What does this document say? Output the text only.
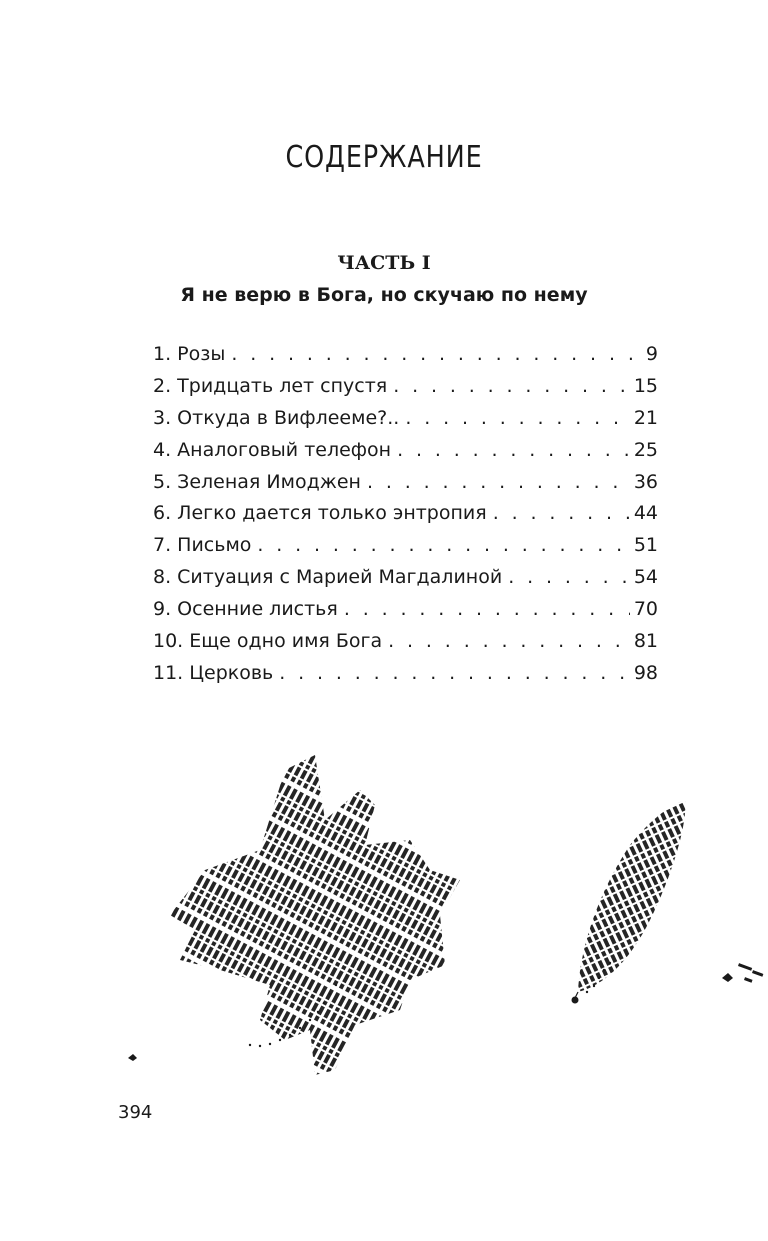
СОДЕРЖАНИЕ
ЧАСТЬ I
Я не верю в Бога, но скучаю по нему
1. Розы . . .	9
2. Тридцать лет спустя . . .	15
3. Откуда в Вифлееме?.. . . .	21
4. Аналоговый телефон . . .	25
5. Зеленая Имоджен . . .	36
6. Легко дается только энтропия . . .	44
7. Письмо . . .	51
8. Ситуация с Марией Магдалиной . . .	54
9. Осенние листья . . .	70
10. Еще одно имя Бога . . .	81
11. Церковь . . .	98
394
